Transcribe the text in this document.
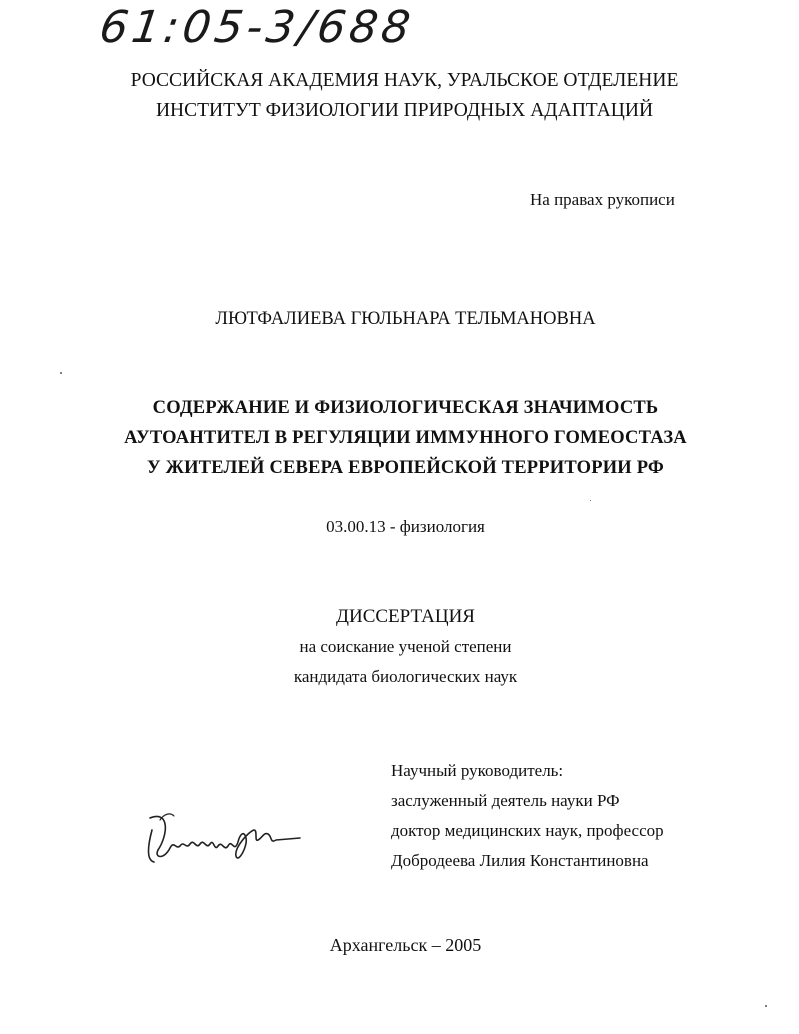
61:05-3/688
РОССИЙСКАЯ АКАДЕМИЯ НАУК, УРАЛЬСКОЕ ОТДЕЛЕНИЕ
ИНСТИТУТ ФИЗИОЛОГИИ ПРИРОДНЫХ АДАПТАЦИЙ
На правах рукописи
ЛЮТФАЛИЕВА ГЮЛЬНАРА ТЕЛЬМАНОВНА
СОДЕРЖАНИЕ И ФИЗИОЛОГИЧЕСКАЯ ЗНАЧИМОСТЬ
АУТОАНТИТЕЛ В РЕГУЛЯЦИИ ИММУННОГО ГОМЕОСТАЗА
У ЖИТЕЛЕЙ СЕВЕРА ЕВРОПЕЙСКОЙ ТЕРРИТОРИИ РФ
03.00.13 - физиология
ДИССЕРТАЦИЯ
на соискание ученой степени
кандидата биологических наук
Научный руководитель:
заслуженный деятель науки РФ
доктор медицинских наук, профессор
Добродеева Лилия Константиновна
Архангельск – 2005
